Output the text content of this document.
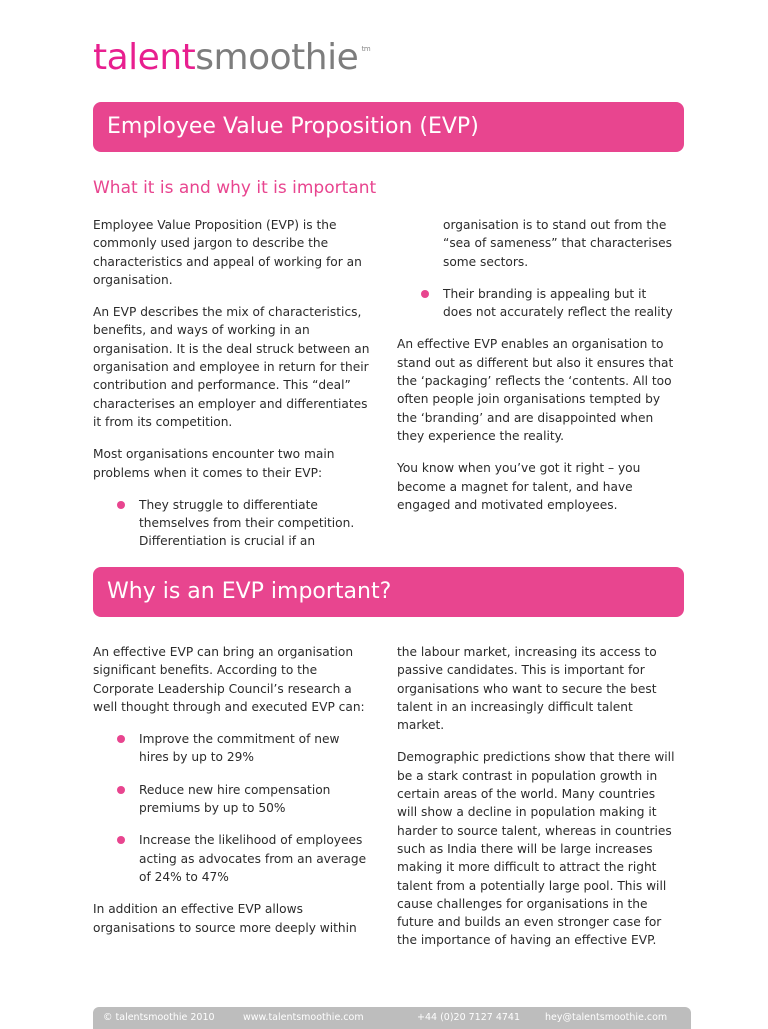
talentsmoothie tm
Employee Value Proposition (EVP)
What it is and why it is important

Employee Value Proposition (EVP) is the commonly used jargon to describe the characteristics and appeal of working for an organisation.

An EVP describes the mix of characteristics, benefits, and ways of working in an organisation. It is the deal struck between an organisation and employee in return for their contribution and performance. This “deal” characterises an employer and differentiates it from its competition.

Most organisations encounter two main problems when it comes to their EVP:

They struggle to differentiate themselves from their competition. Differentiation is crucial if an
organisation is to stand out from the “sea of sameness” that characterises some sectors.
Their branding is appealing but it does not accurately reflect the reality

An effective EVP enables an organisation to stand out as different but also it ensures that the ‘packaging’ reflects the ‘contents. All too often people join organisations tempted by the ‘branding’ and are disappointed when they experience the reality.

You know when you’ve got it right – you become a magnet for talent, and have engaged and motivated employees.

Why is an EVP important?

An effective EVP can bring an organisation significant benefits. According to the Corporate Leadership Council’s research a well thought through and executed EVP can:

Improve the commitment of new hires by up to 29%
Reduce new hire compensation premiums by up to 50%
Increase the likelihood of employees acting as advocates from an average of 24% to 47%

In addition an effective EVP allows organisations to source more deeply within

the labour market, increasing its access to passive candidates. This is important for organisations who want to secure the best talent in an increasingly difficult talent market.

Demographic predictions show that there will be a stark contrast in population growth in certain areas of the world. Many countries will show a decline in population making it harder to source talent, whereas in countries such as India there will be large increases making it more difficult to attract the right talent from a potentially large pool. This will cause challenges for organisations in the future and builds an even stronger case for the importance of having an effective EVP.

© talentsmoothie 2010	www.talentsmoothie.com	+44 (0)20 7127 4741	hey@talentsmoothie.com
